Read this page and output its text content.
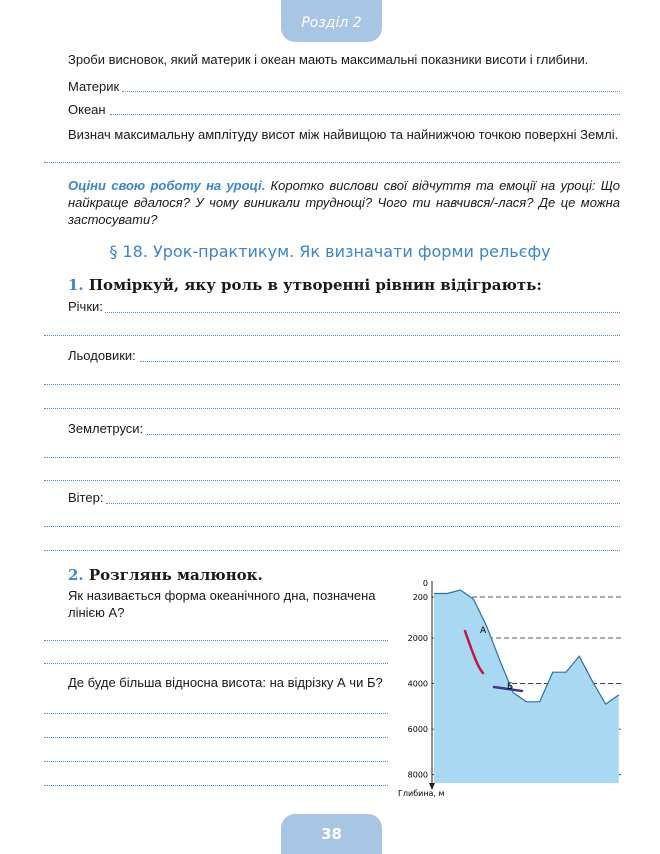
Розділ 2
Зроби висновок, який материк і океан мають максимальні показники висоти і глибини.
Материк
Океан
Визнач максимальну амплітуду висот між найвищою та найнижчою точкою поверхні Землі.
Оціни свою роботу на уроці. Коротко вислови свої відчуття та емоції на уроці: Що найкраще вдалося? У чому виникали труднощі? Чого ти навчився/-лася? Де це можна застосувати?
§ 18. Урок-практикум. Як визначати форми рельєфу
1. Поміркуй, яку роль в утворенні рівнин відіграють:
Річки:
Льодовики:
Землетруси:
Вітер:
2. Розглянь малюнок.
Як називається форма океанічного дна, позначена лінією А?
Де буде більша відносна висота: на відрізку А чи Б?
0
200
2000
4000
6000
8000
А
Б
Глибина, м
38
